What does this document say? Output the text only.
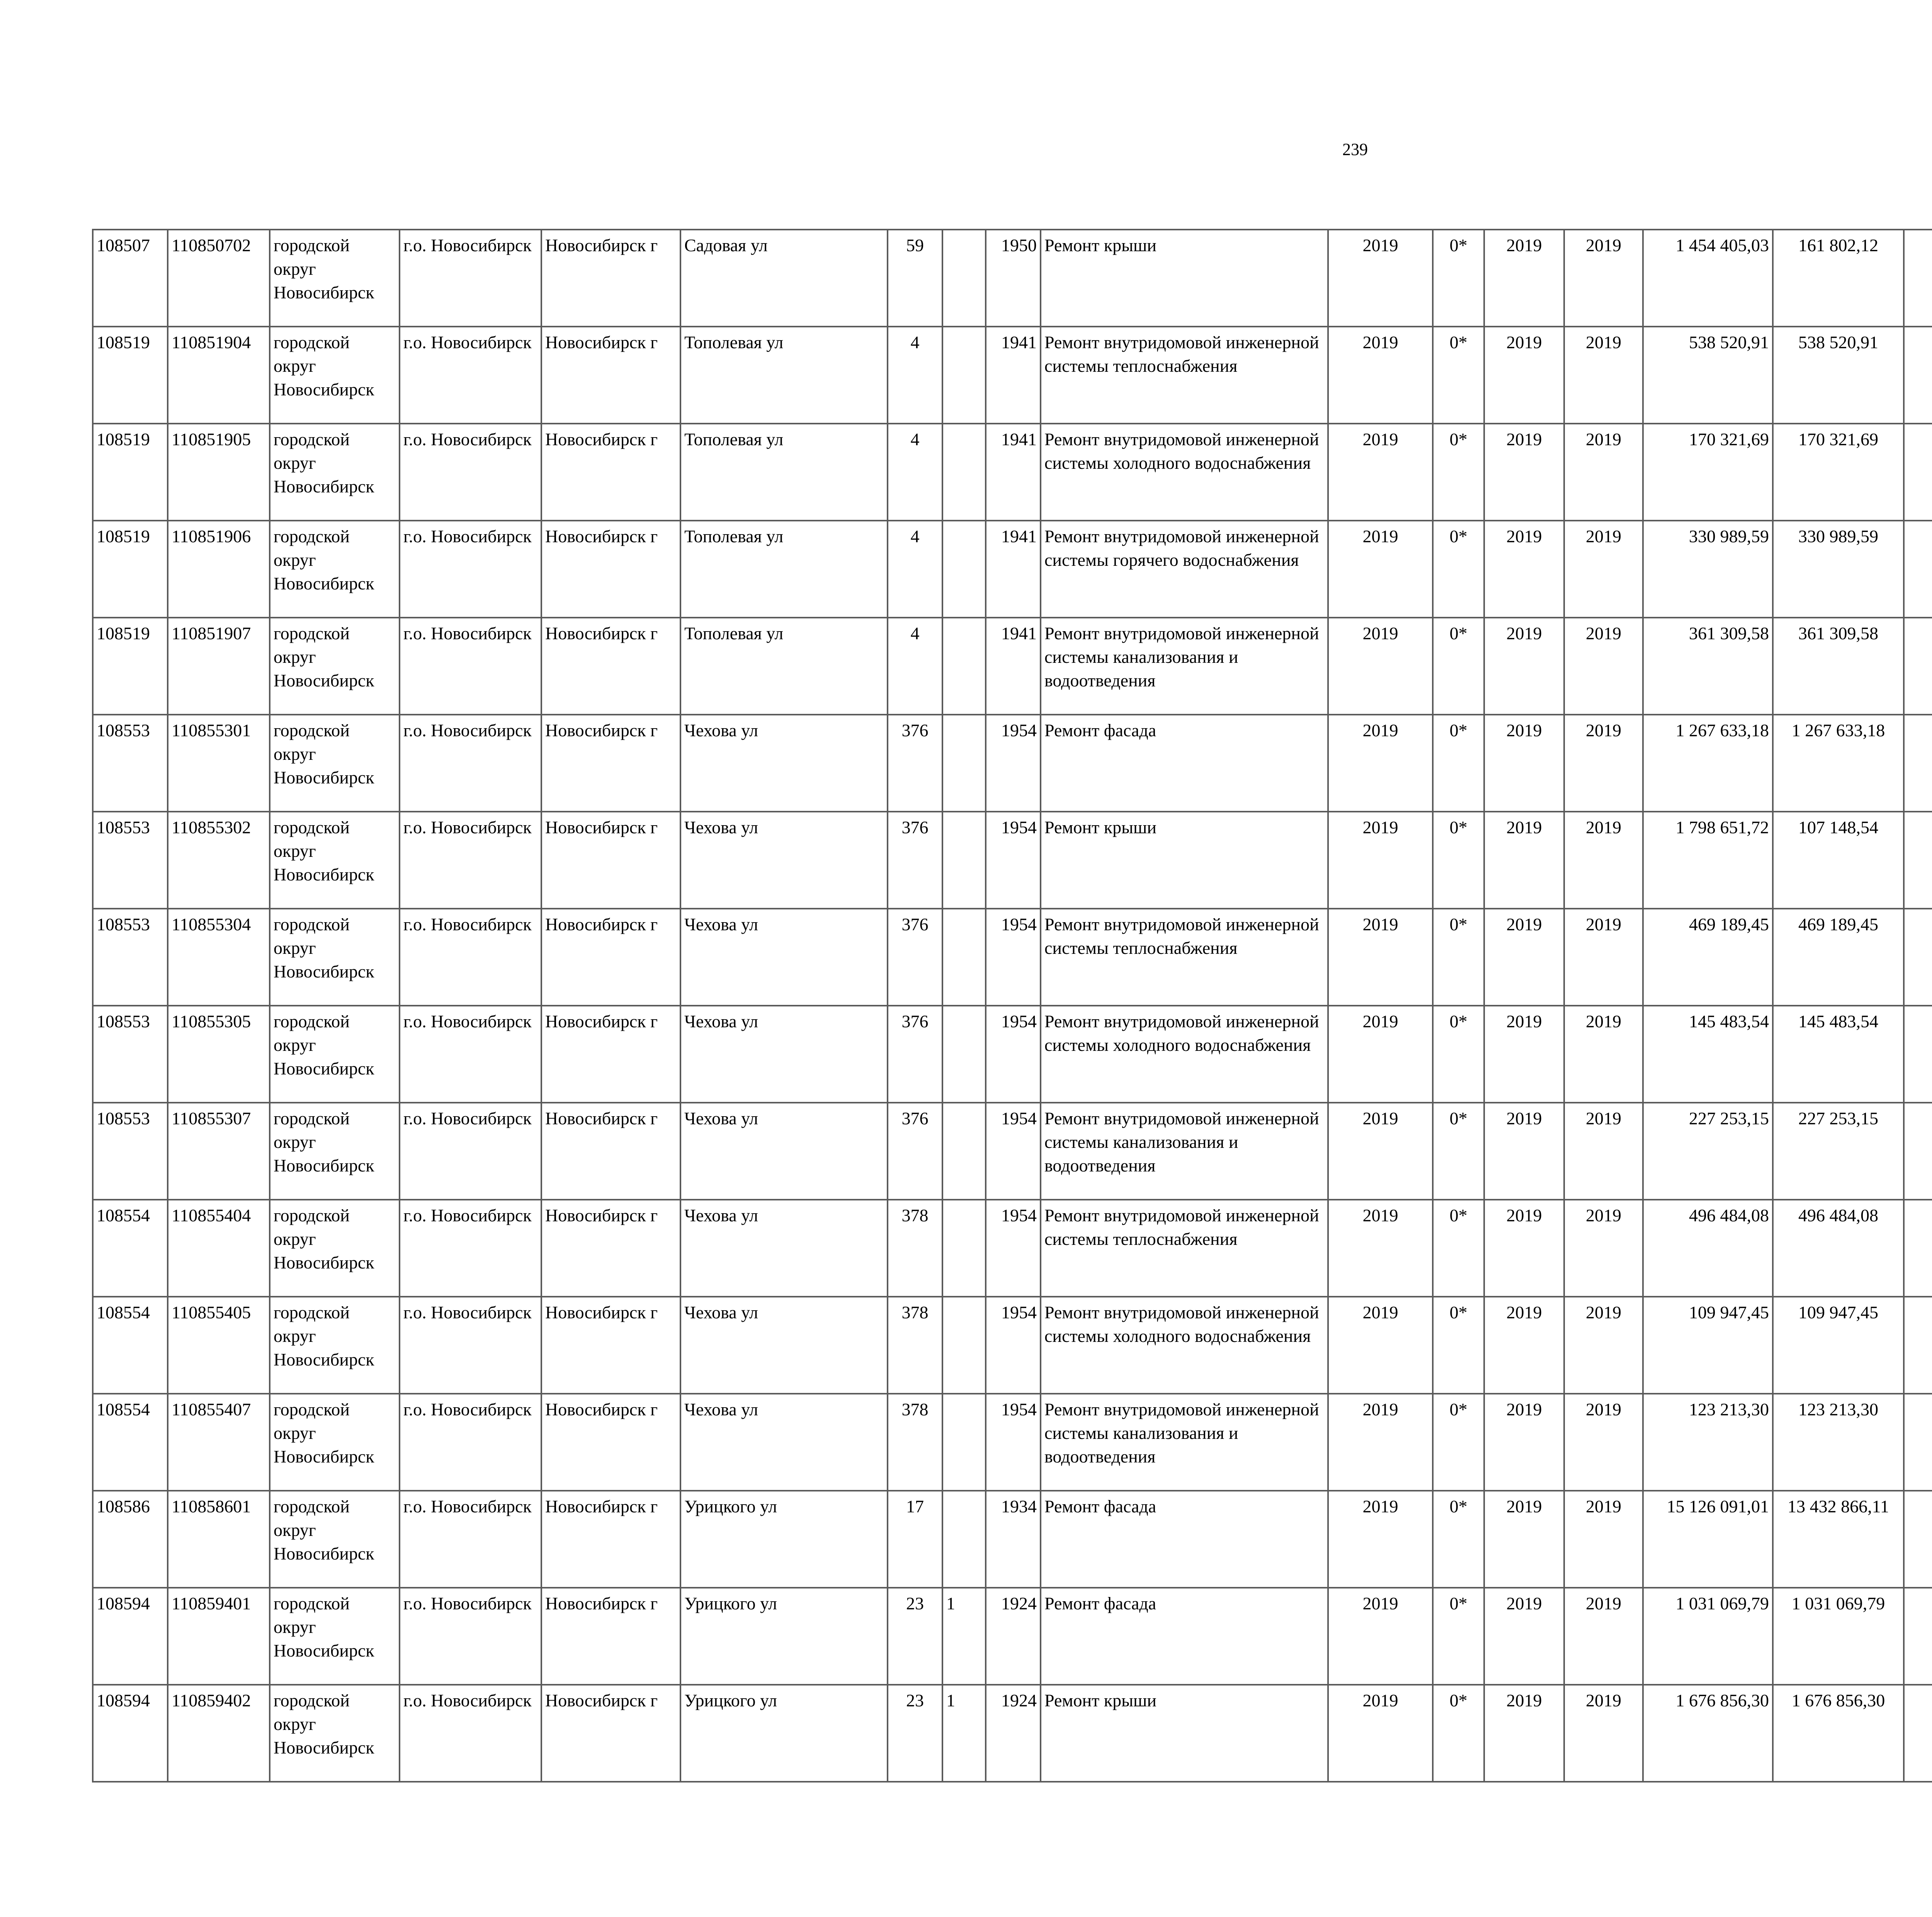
239
108507	110850702	городской округ Новосибирск	г.о. Новосибирск	Новосибирск г	Садовая ул	59		1950	Ремонт крыши	2019	0*	2019	2019	1 454 405,03	161 802,12						
108519	110851904	городской округ Новосибирск	г.о. Новосибирск	Новосибирск г	Тополевая ул	4		1941	Ремонт внутридомовой инженерной системы теплоснабжения	2019	0*	2019	2019	538 520,91	538 520,91						
108519	110851905	городской округ Новосибирск	г.о. Новосибирск	Новосибирск г	Тополевая ул	4		1941	Ремонт внутридомовой инженерной системы холодного водоснабжения	2019	0*	2019	2019	170 321,69	170 321,69						
108519	110851906	городской округ Новосибирск	г.о. Новосибирск	Новосибирск г	Тополевая ул	4		1941	Ремонт внутридомовой инженерной системы горячего водоснабжения	2019	0*	2019	2019	330 989,59	330 989,59						
108519	110851907	городской округ Новосибирск	г.о. Новосибирск	Новосибирск г	Тополевая ул	4		1941	Ремонт внутридомовой инженерной системы канализования и водоотведения	2019	0*	2019	2019	361 309,58	361 309,58						
108553	110855301	городской округ Новосибирск	г.о. Новосибирск	Новосибирск г	Чехова ул	376		1954	Ремонт фасада	2019	0*	2019	2019	1 267 633,18	1 267 633,18						
108553	110855302	городской округ Новосибирск	г.о. Новосибирск	Новосибирск г	Чехова ул	376		1954	Ремонт крыши	2019	0*	2019	2019	1 798 651,72	107 148,54						
108553	110855304	городской округ Новосибирск	г.о. Новосибирск	Новосибирск г	Чехова ул	376		1954	Ремонт внутридомовой инженерной системы теплоснабжения	2019	0*	2019	2019	469 189,45	469 189,45						
108553	110855305	городской округ Новосибирск	г.о. Новосибирск	Новосибирск г	Чехова ул	376		1954	Ремонт внутридомовой инженерной системы холодного водоснабжения	2019	0*	2019	2019	145 483,54	145 483,54						
108553	110855307	городской округ Новосибирск	г.о. Новосибирск	Новосибирск г	Чехова ул	376		1954	Ремонт внутридомовой инженерной системы канализования и водоотведения	2019	0*	2019	2019	227 253,15	227 253,15						
108554	110855404	городской округ Новосибирск	г.о. Новосибирск	Новосибирск г	Чехова ул	378		1954	Ремонт внутридомовой инженерной системы теплоснабжения	2019	0*	2019	2019	496 484,08	496 484,08						
108554	110855405	городской округ Новосибирск	г.о. Новосибирск	Новосибирск г	Чехова ул	378		1954	Ремонт внутридомовой инженерной системы холодного водоснабжения	2019	0*	2019	2019	109 947,45	109 947,45						
108554	110855407	городской округ Новосибирск	г.о. Новосибирск	Новосибирск г	Чехова ул	378		1954	Ремонт внутридомовой инженерной системы канализования и водоотведения	2019	0*	2019	2019	123 213,30	123 213,30						
108586	110858601	городской округ Новосибирск	г.о. Новосибирск	Новосибирск г	Урицкого ул	17		1934	Ремонт фасада	2019	0*	2019	2019	15 126 091,01	13 432 866,11						
108594	110859401	городской округ Новосибирск	г.о. Новосибирск	Новосибирск г	Урицкого ул	23	1	1924	Ремонт фасада	2019	0*	2019	2019	1 031 069,79	1 031 069,79						
108594	110859402	городской округ Новосибирск	г.о. Новосибирск	Новосибирск г	Урицкого ул	23	1	1924	Ремонт крыши	2019	0*	2019	2019	1 676 856,30	1 676 856,30						
